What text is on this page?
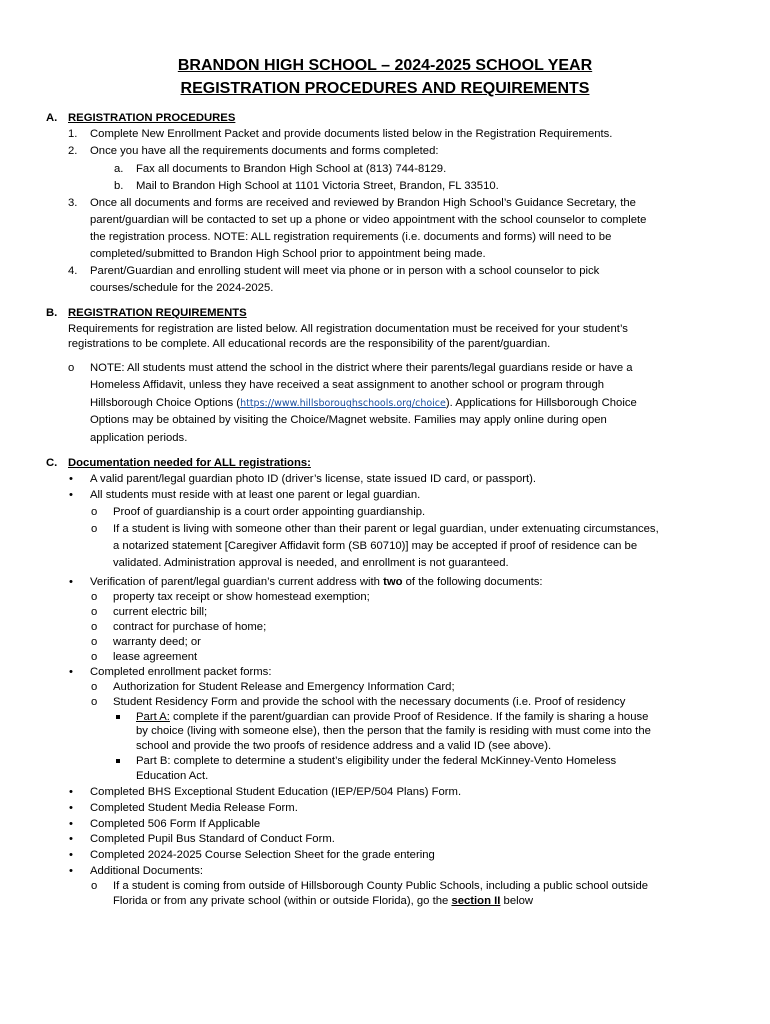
BRANDON HIGH SCHOOL – 2024-2025 SCHOOL YEAR
REGISTRATION PROCEDURES AND REQUIREMENTS
A. REGISTRATION PROCEDURES
1. Complete New Enrollment Packet and provide documents listed below in the Registration Requirements.
2. Once you have all the requirements documents and forms completed:
a. Fax all documents to Brandon High School at (813) 744-8129.
b. Mail to Brandon High School at 1101 Victoria Street, Brandon, FL 33510.
3. Once all documents and forms are received and reviewed by Brandon High School’s Guidance Secretary, the
parent/guardian will be contacted to set up a phone or video appointment with the school counselor to complete
the registration process. NOTE: ALL registration requirements (i.e. documents and forms) will need to be
completed/submitted to Brandon High School prior to appointment being made.
4. Parent/Guardian and enrolling student will meet via phone or in person with a school counselor to pick
courses/schedule for the 2024-2025.
B. REGISTRATION REQUIREMENTS
Requirements for registration are listed below. All registration documentation must be received for your student’s
registrations to be complete. All educational records are the responsibility of the parent/guardian.
o NOTE: All students must attend the school in the district where their parents/legal guardians reside or have a
Homeless Affidavit, unless they have received a seat assignment to another school or program through
Hillsborough Choice Options (https://www.hillsboroughschools.org/choice). Applications for Hillsborough Choice
Options may be obtained by visiting the Choice/Magnet website. Families may apply online during open
application periods.
C. Documentation needed for ALL registrations:
• A valid parent/legal guardian photo ID (driver’s license, state issued ID card, or passport).
• All students must reside with at least one parent or legal guardian.
o Proof of guardianship is a court order appointing guardianship.
o If a student is living with someone other than their parent or legal guardian, under extenuating circumstances,
a notarized statement [Caregiver Affidavit form (SB 60710)] may be accepted if proof of residence can be
validated. Administration approval is needed, and enrollment is not guaranteed.
• Verification of parent/legal guardian’s current address with two of the following documents:
o property tax receipt or show homestead exemption;
o current electric bill;
o contract for purchase of home;
o warranty deed; or
o lease agreement
• Completed enrollment packet forms:
o Authorization for Student Release and Emergency Information Card;
o Student Residency Form and provide the school with the necessary documents (i.e. Proof of residency
Part A: complete if the parent/guardian can provide Proof of Residence. If the family is sharing a house
by choice (living with someone else), then the person that the family is residing with must come into the
school and provide the two proofs of residence address and a valid ID (see above).
Part B: complete to determine a student’s eligibility under the federal McKinney-Vento Homeless
Education Act.
• Completed BHS Exceptional Student Education (IEP/EP/504 Plans) Form.
• Completed Student Media Release Form.
• Completed 506 Form If Applicable
• Completed Pupil Bus Standard of Conduct Form.
• Completed 2024-2025 Course Selection Sheet for the grade entering
• Additional Documents:
o If a student is coming from outside of Hillsborough County Public Schools, including a public school outside
Florida or from any private school (within or outside Florida), go the section II below
